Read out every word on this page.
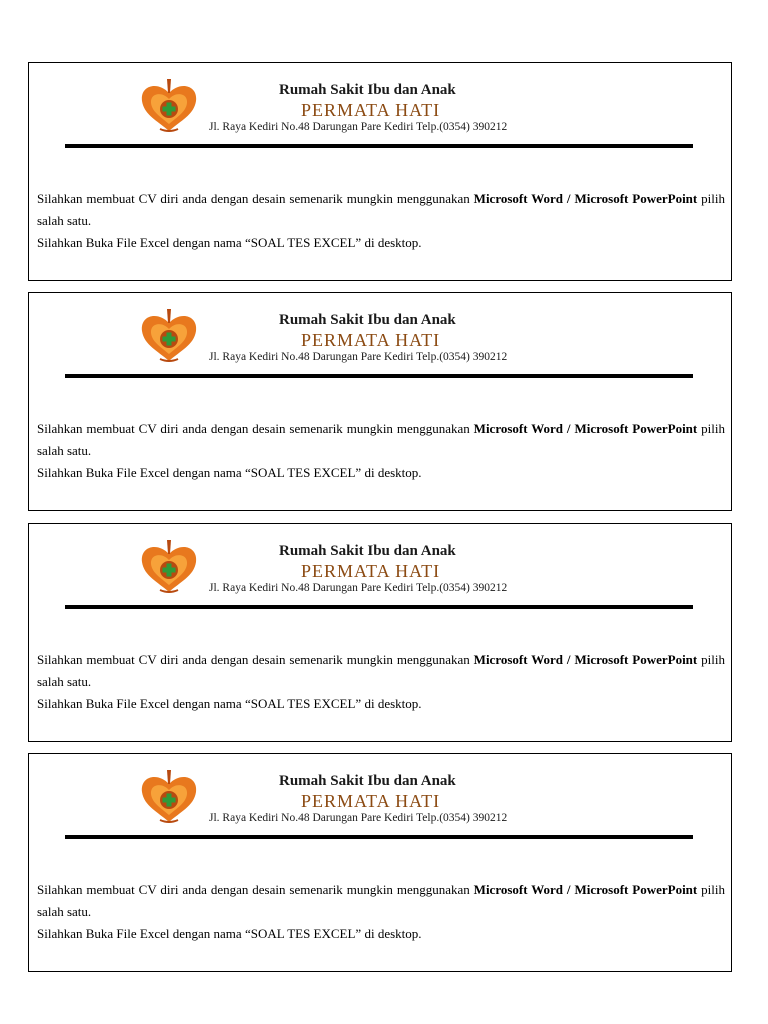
Rumah Sakit Ibu dan Anak
PERMATA HATI
Jl. Raya Kediri No.48 Darungan Pare Kediri Telp.(0354) 390212
Silahkan membuat CV diri anda dengan desain semenarik mungkin menggunakan Microsoft Word / Microsoft PowerPoint pilih salah satu.
Silahkan Buka File Excel dengan nama “SOAL TES EXCEL” di desktop.
Rumah Sakit Ibu dan Anak
PERMATA HATI
Jl. Raya Kediri No.48 Darungan Pare Kediri Telp.(0354) 390212
Silahkan membuat CV diri anda dengan desain semenarik mungkin menggunakan Microsoft Word / Microsoft PowerPoint pilih salah satu.
Silahkan Buka File Excel dengan nama “SOAL TES EXCEL” di desktop.
Rumah Sakit Ibu dan Anak
PERMATA HATI
Jl. Raya Kediri No.48 Darungan Pare Kediri Telp.(0354) 390212
Silahkan membuat CV diri anda dengan desain semenarik mungkin menggunakan Microsoft Word / Microsoft PowerPoint pilih salah satu.
Silahkan Buka File Excel dengan nama “SOAL TES EXCEL” di desktop.
Rumah Sakit Ibu dan Anak
PERMATA HATI
Jl. Raya Kediri No.48 Darungan Pare Kediri Telp.(0354) 390212
Silahkan membuat CV diri anda dengan desain semenarik mungkin menggunakan Microsoft Word / Microsoft PowerPoint pilih salah satu.
Silahkan Buka File Excel dengan nama “SOAL TES EXCEL” di desktop.
